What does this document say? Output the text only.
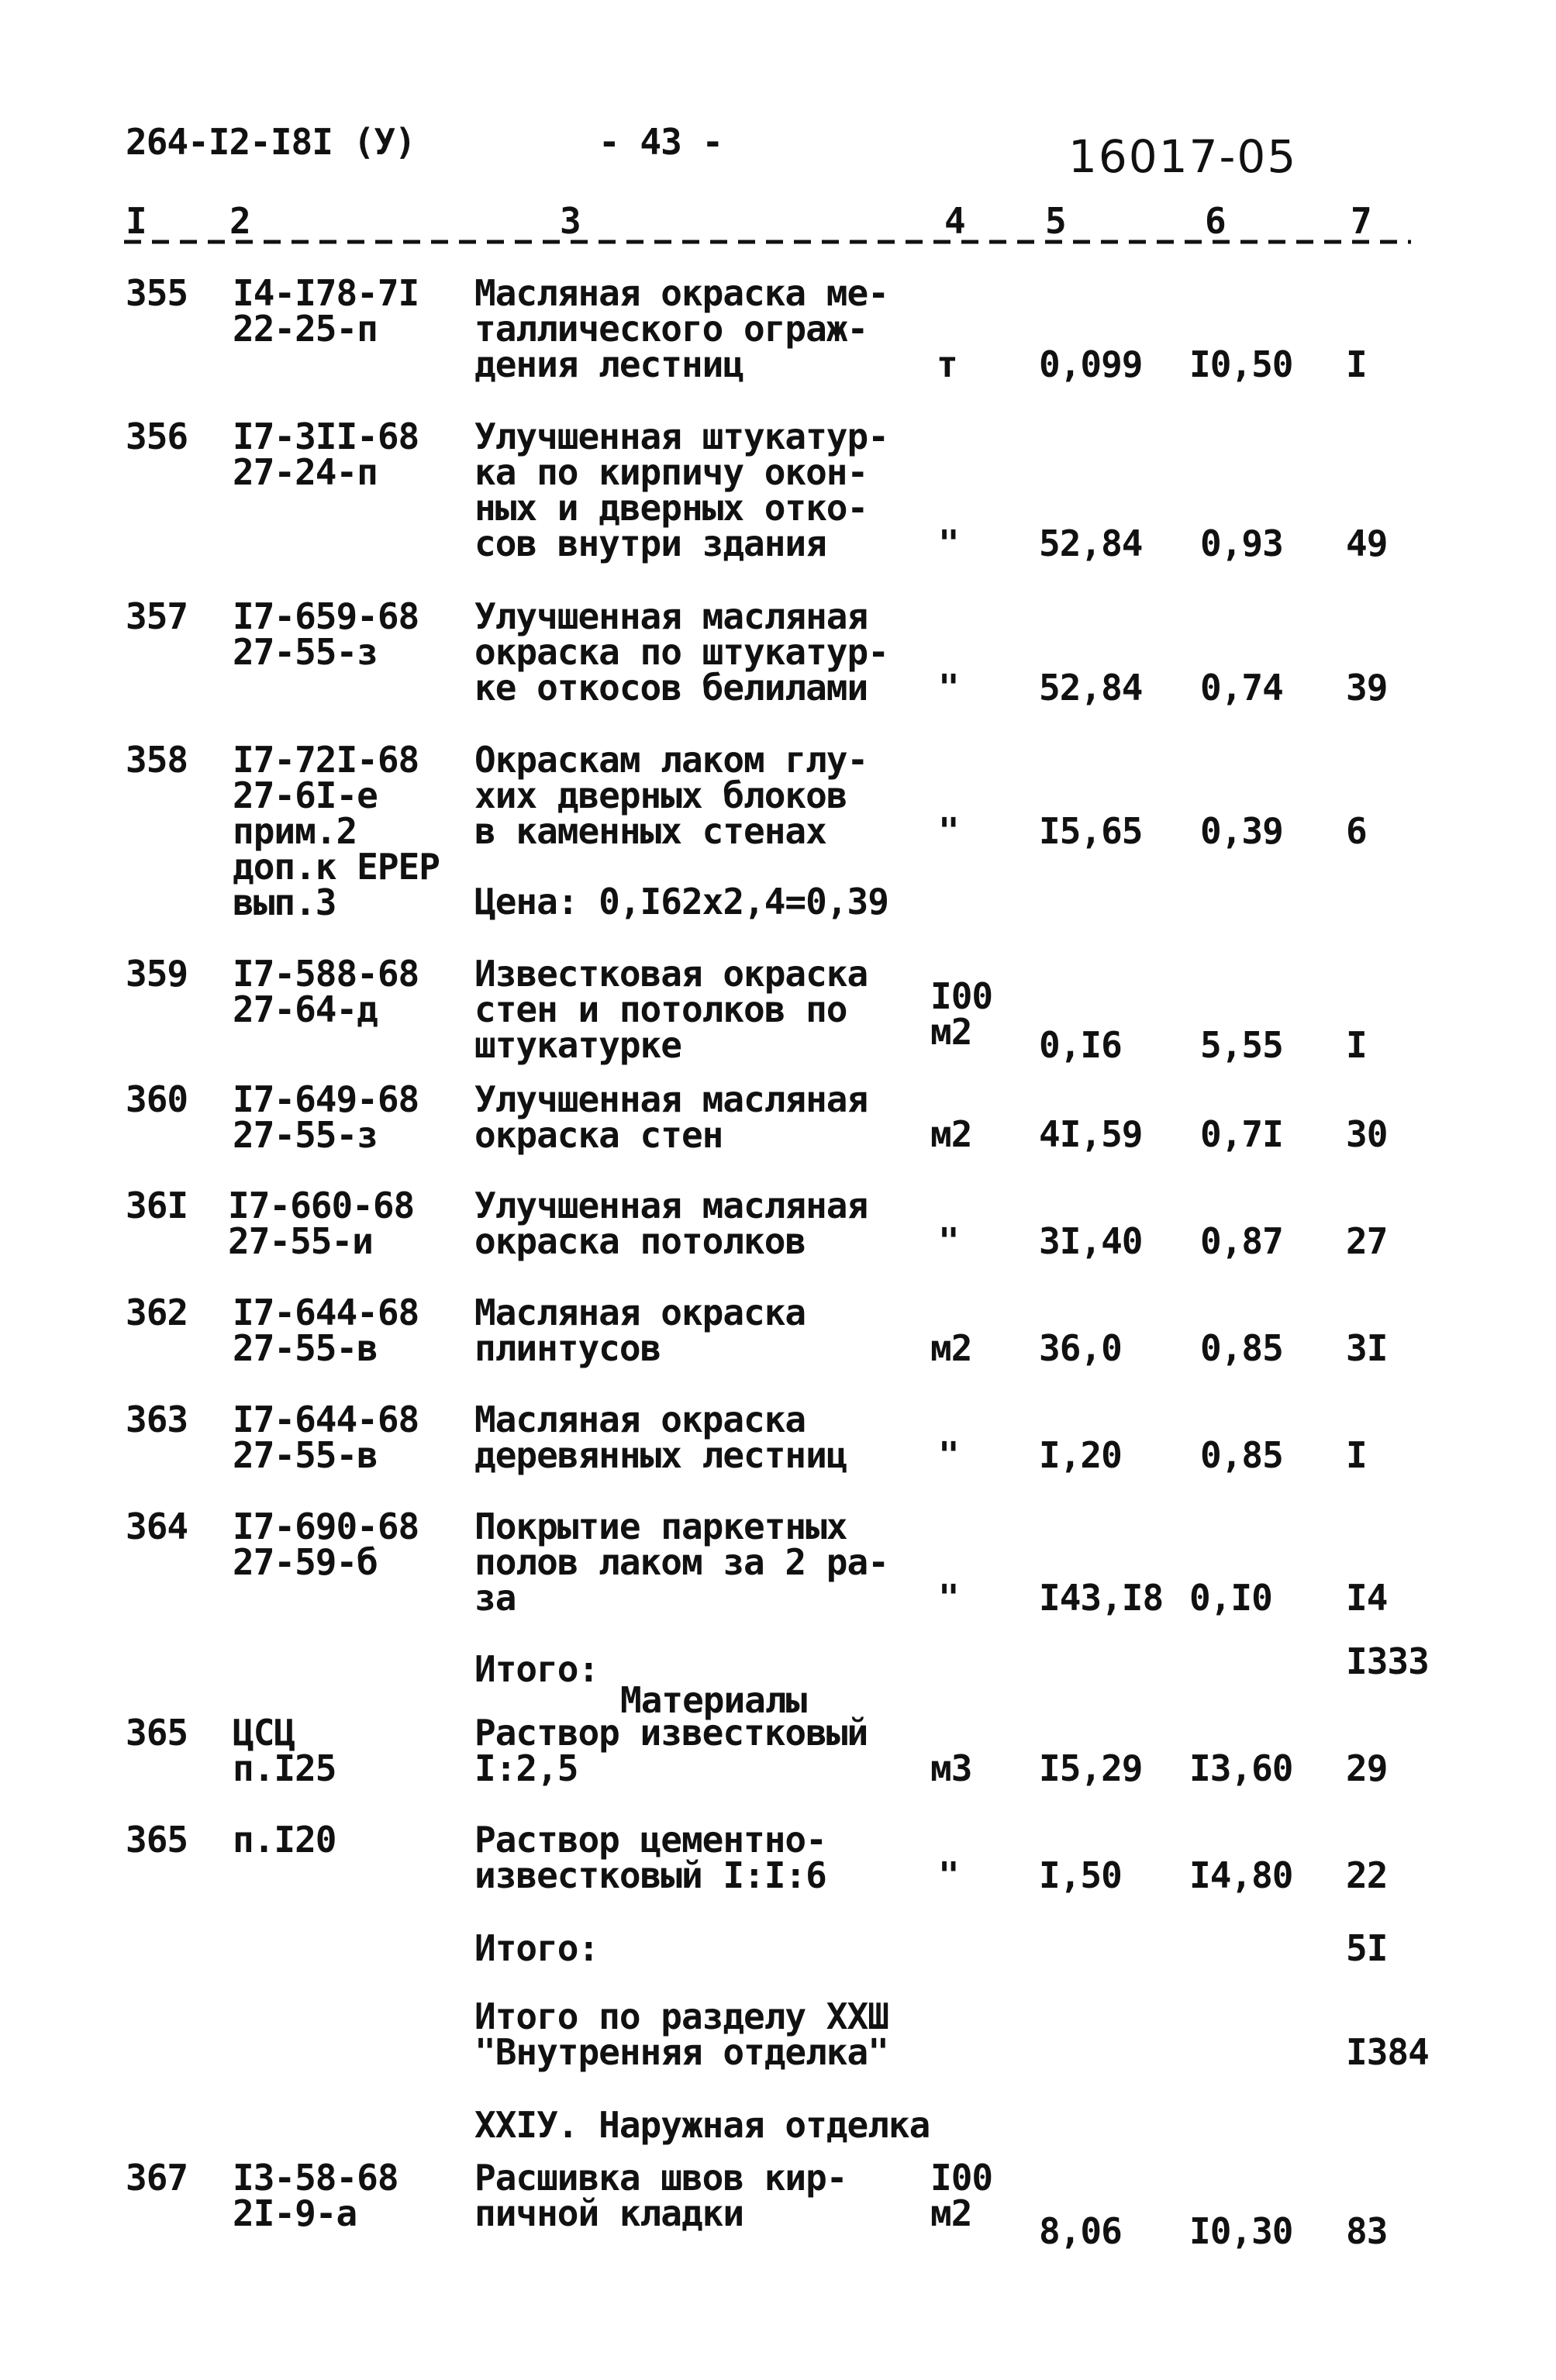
264-I2-I8I (У)	- 43 -	16017-05
I 2	3	4 5	6	7
355 I4-I78-7I
22-25-п
Масляная окраска ме-
таллического ограж-
дения лестниц	т 0,099 I0,50 I
356 I7-3II-68
27-24-п
Улучшенная штукатур-
ка по кирпичу окон-
ных и дверных отко-
сов внутри здания	" 52,84 0,93 49
357 I7-659-68
27-55-з
Улучшенная масляная
окраска по штукатур-
ке откосов белилами	" 52,84 0,74 39
358 I7-72I-68
27-6I-е
прим.2
доп.к ЕРЕР
вып.3
Окраскам лаком глу-
хих дверных блоков
в каменных стенах	" I5,65 0,39 6
Цена: 0,I62х2,4=0,39
359 I7-588-68
27-64-д
Известковая окраска
стен и потолков по
штукатурке
I00
м2	0,I6 5,55 I
360 I7-649-68
27-55-з
Улучшенная масляная
окраска стен	м2 4I,59 0,7I 30
36I I7-660-68
27-55-и
Улучшенная масляная
окраска потолков	" 3I,40 0,87 27
362 I7-644-68
27-55-в
Масляная окраска
плинтусов	м2 36,0 0,85 3I
363 I7-644-68
27-55-в
Масляная окраска
деревянных лестниц	" I,20 0,85 I
364 I7-690-68
27-59-б
Покрытие паркетных
полов лаком за 2 ра-
за	" I43,I8 0,I0 I4
Итого:	I333
Материалы
365 ЦСЦ
п.I25
Раствор известковый
I:2,5	м3 I5,29 I3,60 29
365 п.I20	Раствор цементно-
известковый I:I:6	" I,50 I4,80 22
Итого:	5I
Итого по разделу ХХШ
"Внутренняя отделка"	I384
ХХIУ. Наружная отделка
367 I3-58-68
2I-9-а
Расшивка швов кир-
пичной кладки
I00
м2	8,06 I0,30 83
